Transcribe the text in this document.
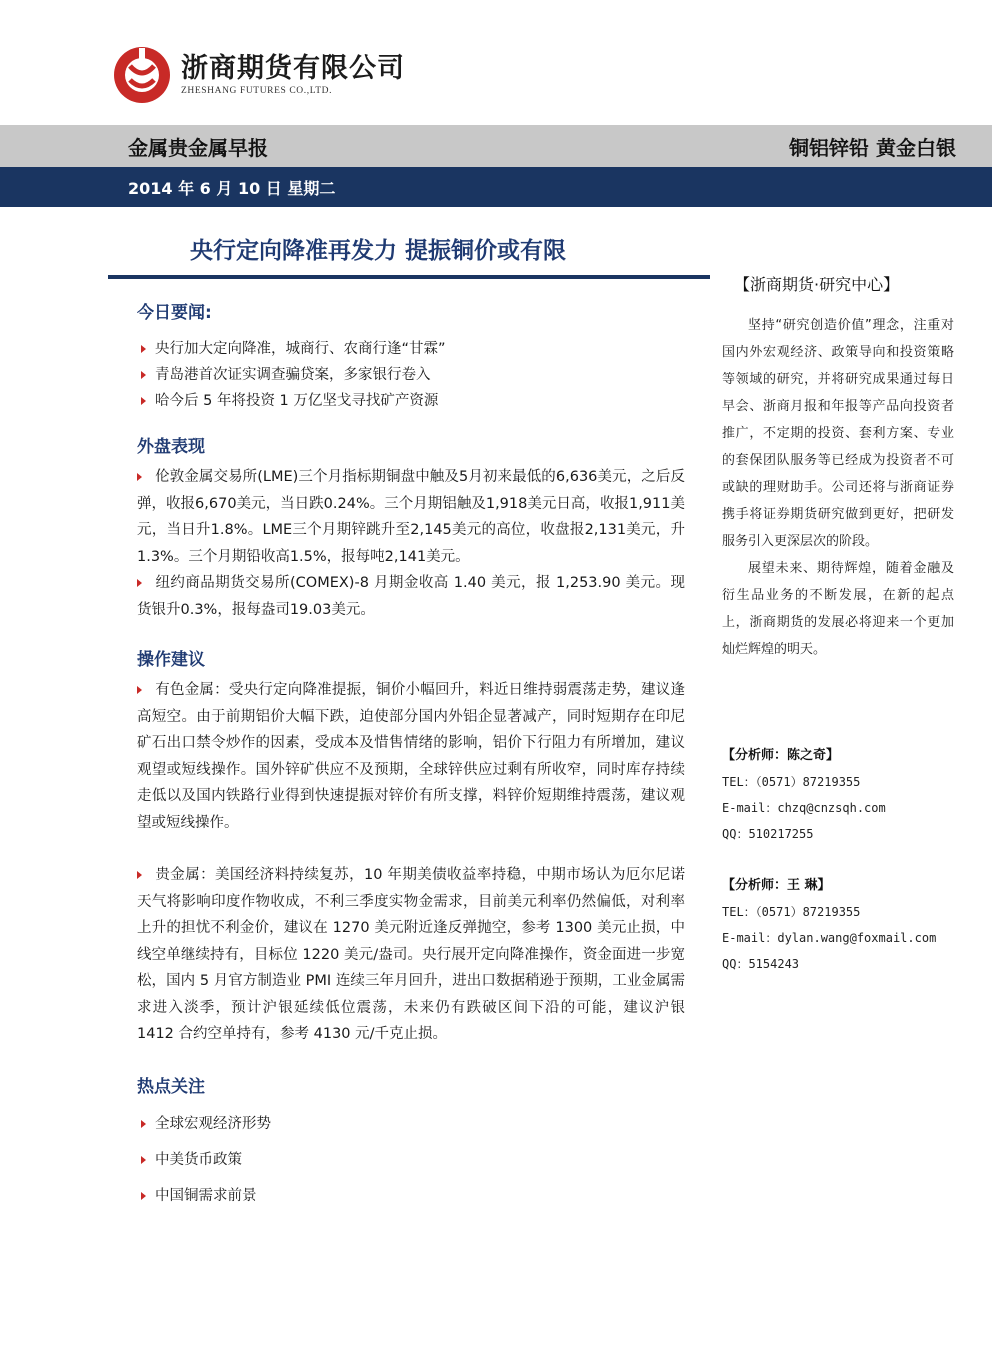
浙商期货有限公司
ZHESHANG FUTURES CO.,LTD.
金属贵金属早报	铜铝锌铅 黄金白银
2014 年 6 月 10 日 星期二
央行定向降准再发力 提振铜价或有限
今日要闻:
央行加大定向降准，城商行、农商行逢“甘霖”
青岛港首次证实调查骗贷案，多家银行卷入
哈今后 5 年将投资 1 万亿坚戈寻找矿产资源
外盘表现
伦敦金属交易所(LME)三个月指标期铜盘中触及5月初来最低的6,636美元，之后反弹，收报6,670美元，当日跌0.24%。三个月期铝触及1,918美元日高，收报1,911美元，当日升1.8%。LME三个月期锌跳升至2,145美元的高位，收盘报2,131美元，升1.3%。三个月期铅收高1.5%，报每吨2,141美元。
纽约商品期货交易所(COMEX)-8 月期金收高 1.40 美元，报 1,253.90 美元。现货银升0.3%，报每盎司19.03美元。
操作建议
有色金属：受央行定向降准提振，铜价小幅回升，料近日维持弱震荡走势，建议逢高短空。由于前期铝价大幅下跌，迫使部分国内外铝企显著减产，同时短期存在印尼矿石出口禁令炒作的因素，受成本及惜售情绪的影响，铝价下行阻力有所增加，建议观望或短线操作。国外锌矿供应不及预期，全球锌供应过剩有所收窄，同时库存持续走低以及国内铁路行业得到快速提振对锌价有所支撑，料锌价短期维持震荡，建议观望或短线操作。
贵金属：美国经济料持续复苏，10 年期美债收益率持稳，中期市场认为厄尔尼诺天气将影响印度作物收成，不利三季度实物金需求，目前美元利率仍然偏低，对利率上升的担忧不利金价，建议在 1270 美元附近逢反弹抛空，参考 1300 美元止损，中线空单继续持有，目标位 1220 美元/盎司。央行展开定向降准操作，资金面进一步宽松，国内 5 月官方制造业 PMI 连续三年月回升，进出口数据稍逊于预期，工业金属需求进入淡季，预计沪银延续低位震荡，未来仍有跌破区间下沿的可能，建议沪银 1412 合约空单持有，参考 4130 元/千克止损。
热点关注
全球宏观经济形势
中美货币政策
中国铜需求前景
【浙商期货·研究中心】
坚持“研究创造价值”理念，注重对国内外宏观经济、政策导向和投资策略等领域的研究，并将研究成果通过每日早会、浙商月报和年报等产品向投资者推广，不定期的投资、套利方案、专业的套保团队服务等已经成为投资者不可或缺的理财助手。公司还将与浙商证券携手将证券期货研究做到更好，把研发服务引入更深层次的阶段。
展望未来、期待辉煌，随着金融及衍生品业务的不断发展，在新的起点上，浙商期货的发展必将迎来一个更加灿烂辉煌的明天。
【分析师：陈之奇】
TEL：（0571）87219355
E-mail：chzq@cnzsqh.com
QQ：510217255
【分析师：王 琳】
TEL：（0571）87219355
E-mail：dylan.wang@foxmail.com
QQ：5154243
